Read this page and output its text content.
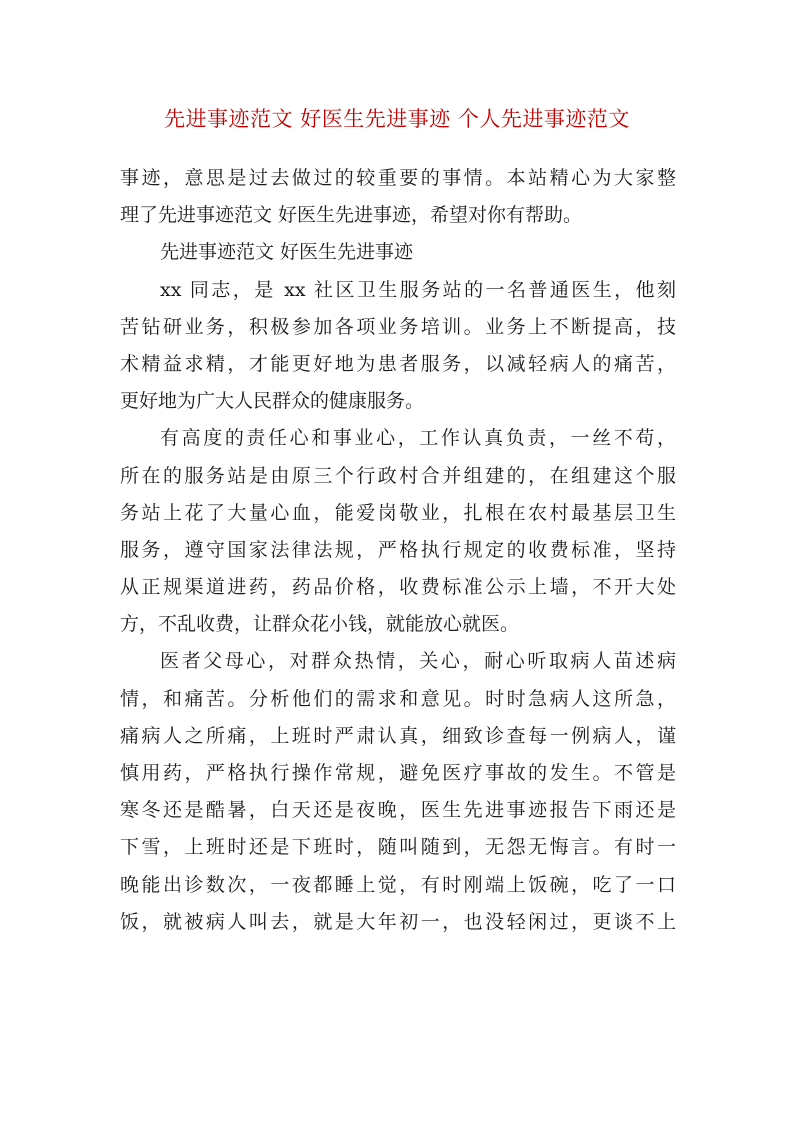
先进事迹范文 好医生先进事迹 个人先进事迹范文
事迹，意思是过去做过的较重要的事情。本站精心为大家整
理了先进事迹范文 好医生先进事迹，希望对你有帮助。
先进事迹范文 好医生先进事迹
xx 同志，是 xx 社区卫生服务站的一名普通医生，他刻
苦钻研业务，积极参加各项业务培训。业务上不断提高，技
术精益求精，才能更好地为患者服务，以减轻病人的痛苦，
更好地为广大人民群众的健康服务。
有高度的责任心和事业心，工作认真负责，一丝不苟，
所在的服务站是由原三个行政村合并组建的，在组建这个服
务站上花了大量心血，能爱岗敬业，扎根在农村最基层卫生
服务，遵守国家法律法规，严格执行规定的收费标准，坚持
从正规渠道进药，药品价格，收费标准公示上墙，不开大处
方，不乱收费，让群众花小钱，就能放心就医。
医者父母心，对群众热情，关心，耐心听取病人苗述病
情，和痛苦。分析他们的需求和意见。时时急病人这所急，
痛病人之所痛，上班时严肃认真，细致诊查每一例病人，谨
慎用药，严格执行操作常规，避免医疗事故的发生。不管是
寒冬还是酷暑，白天还是夜晚，医生先进事迹报告下雨还是
下雪，上班时还是下班时，随叫随到，无怨无悔言。有时一
晚能出诊数次，一夜都睡上觉，有时刚端上饭碗，吃了一口
饭，就被病人叫去，就是大年初一，也没轻闲过，更谈不上
